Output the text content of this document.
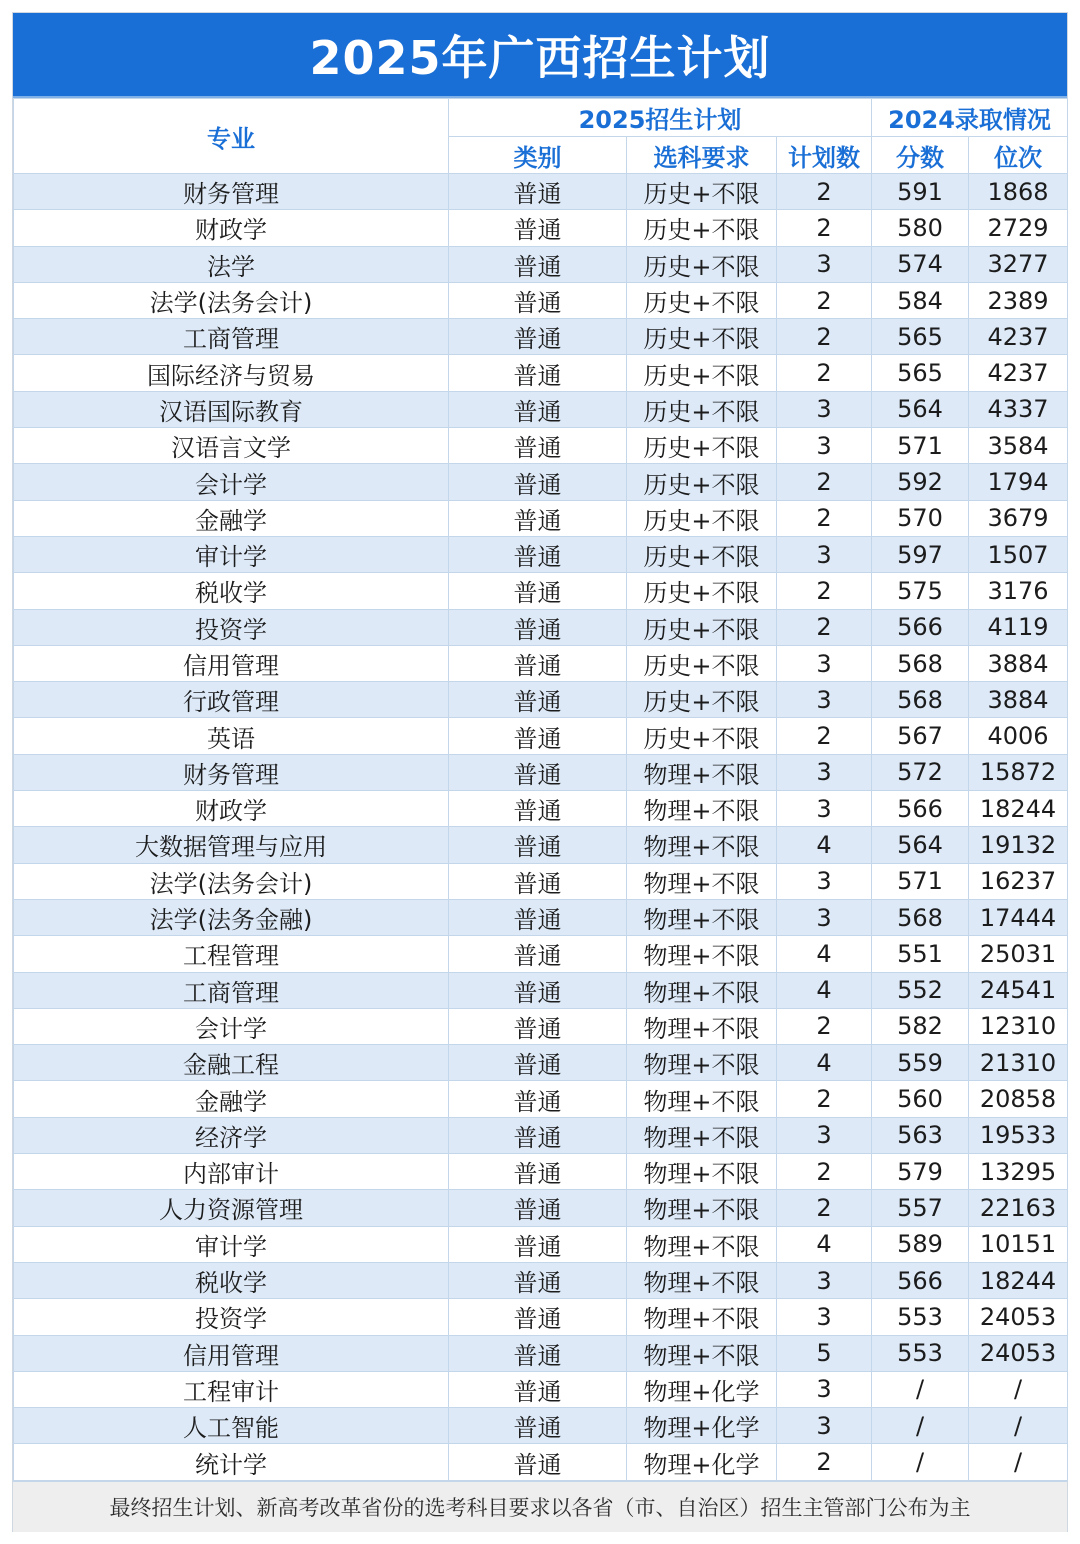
2025年广西招生计划
专业	2025招生计划			2024录取情况	
	类别	选科要求	计划数	分数	位次
财务管理	普通	历史+不限	2	591	1868
财政学	普通	历史+不限	2	580	2729
法学	普通	历史+不限	3	574	3277
法学(法务会计)	普通	历史+不限	2	584	2389
工商管理	普通	历史+不限	2	565	4237
国际经济与贸易	普通	历史+不限	2	565	4237
汉语国际教育	普通	历史+不限	3	564	4337
汉语言文学	普通	历史+不限	3	571	3584
会计学	普通	历史+不限	2	592	1794
金融学	普通	历史+不限	2	570	3679
审计学	普通	历史+不限	3	597	1507
税收学	普通	历史+不限	2	575	3176
投资学	普通	历史+不限	2	566	4119
信用管理	普通	历史+不限	3	568	3884
行政管理	普通	历史+不限	3	568	3884
英语	普通	历史+不限	2	567	4006
财务管理	普通	物理+不限	3	572	15872
财政学	普通	物理+不限	3	566	18244
大数据管理与应用	普通	物理+不限	4	564	19132
法学(法务会计)	普通	物理+不限	3	571	16237
法学(法务金融)	普通	物理+不限	3	568	17444
工程管理	普通	物理+不限	4	551	25031
工商管理	普通	物理+不限	4	552	24541
会计学	普通	物理+不限	2	582	12310
金融工程	普通	物理+不限	4	559	21310
金融学	普通	物理+不限	2	560	20858
经济学	普通	物理+不限	3	563	19533
内部审计	普通	物理+不限	2	579	13295
人力资源管理	普通	物理+不限	2	557	22163
审计学	普通	物理+不限	4	589	10151
税收学	普通	物理+不限	3	566	18244
投资学	普通	物理+不限	3	553	24053
信用管理	普通	物理+不限	5	553	24053
工程审计	普通	物理+化学	3	/	/
人工智能	普通	物理+化学	3	/	/
统计学	普通	物理+化学	2	/	/
最终招生计划、新高考改革省份的选考科目要求以各省（市、自治区）招生主管部门公布为主
